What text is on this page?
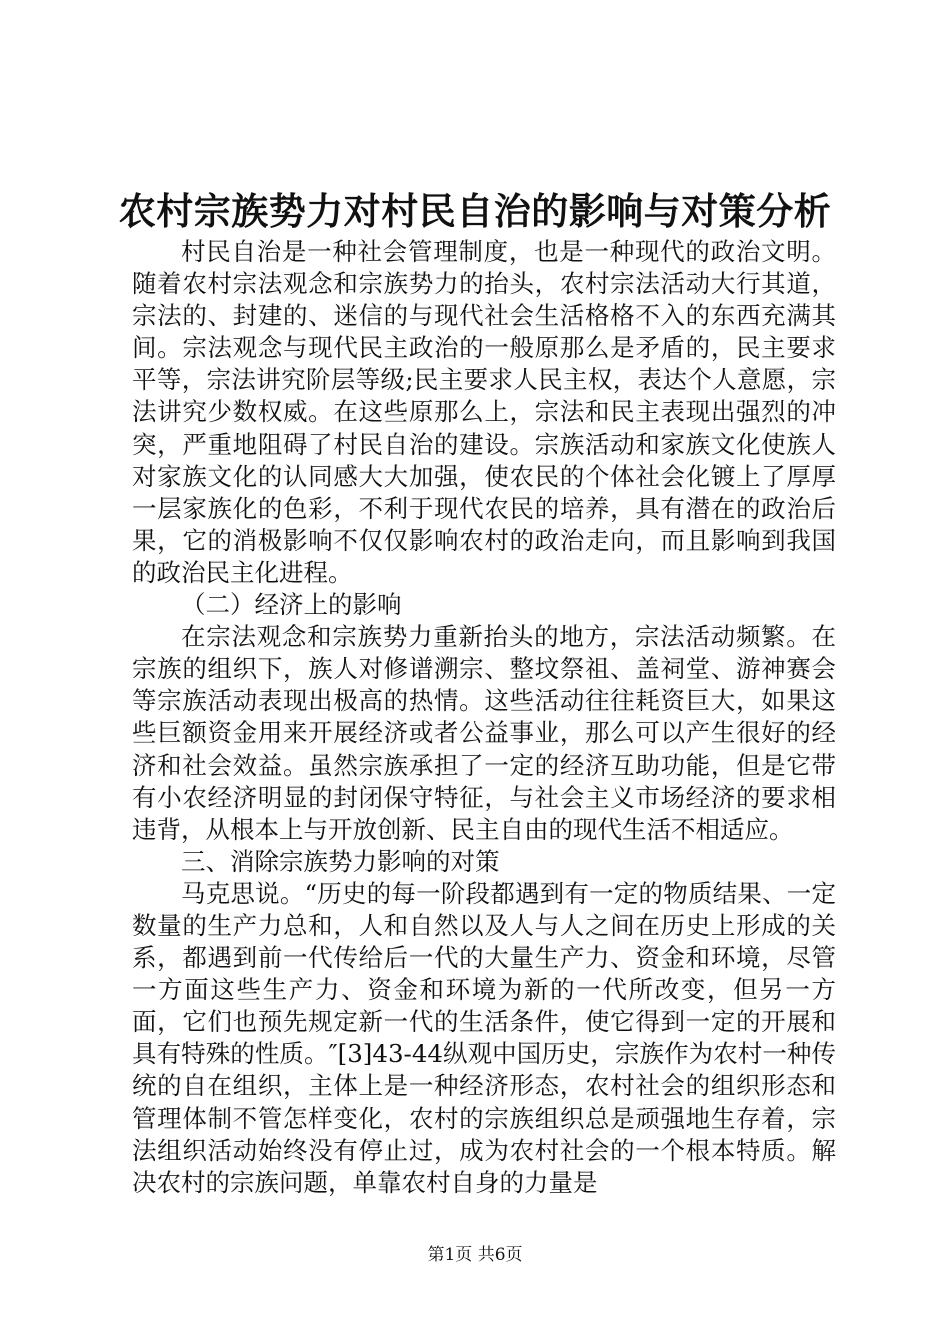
农村宗族势力对村民自治的影响与对策分析

村民自治是一种社会管理制度，也是一种现代的政治文明。随着农村宗法观念和宗族势力的抬头，农村宗法活动大行其道，宗法的、封建的、迷信的与现代社会生活格格不入的东西充满其间。宗法观念与现代民主政治的一般原那么是矛盾的，民主要求平等，宗法讲究阶层等级;民主要求人民主权，表达个人意愿，宗法讲究少数权威。在这些原那么上，宗法和民主表现出强烈的冲突，严重地阻碍了村民自治的建设。宗族活动和家族文化使族人对家族文化的认同感大大加强，使农民的个体社会化镀上了厚厚一层家族化的色彩，不利于现代农民的培养，具有潜在的政治后果，它的消极影响不仅仅影响农村的政治走向，而且影响到我国的政治民主化进程。

（二）经济上的影响

在宗法观念和宗族势力重新抬头的地方，宗法活动频繁。在宗族的组织下，族人对修谱溯宗、整坟祭祖、盖祠堂、游神赛会等宗族活动表现出极高的热情。这些活动往往耗资巨大，如果这些巨额资金用来开展经济或者公益事业，那么可以产生很好的经济和社会效益。虽然宗族承担了一定的经济互助功能，但是它带有小农经济明显的封闭保守特征，与社会主义市场经济的要求相违背，从根本上与开放创新、民主自由的现代生活不相适应。

三、消除宗族势力影响的对策

马克思说。“历史的每一阶段都遇到有一定的物质结果、一定数量的生产力总和，人和自然以及人与人之间在历史上形成的关系，都遇到前一代传给后一代的大量生产力、资金和环境，尽管一方面这些生产力、资金和环境为新的一代所改变，但另一方面，它们也预先规定新一代的生活条件，使它得到一定的开展和具有特殊的性质。″[3]43-44纵观中国历史，宗族作为农村一种传统的自在组织，主体上是一种经济形态，农村社会的组织形态和管理体制不管怎样变化，农村的宗族组织总是顽强地生存着，宗法组织活动始终没有停止过，成为农村社会的一个根本特质。解决农村的宗族问题，单靠农村自身的力量是

第1页 共6页
